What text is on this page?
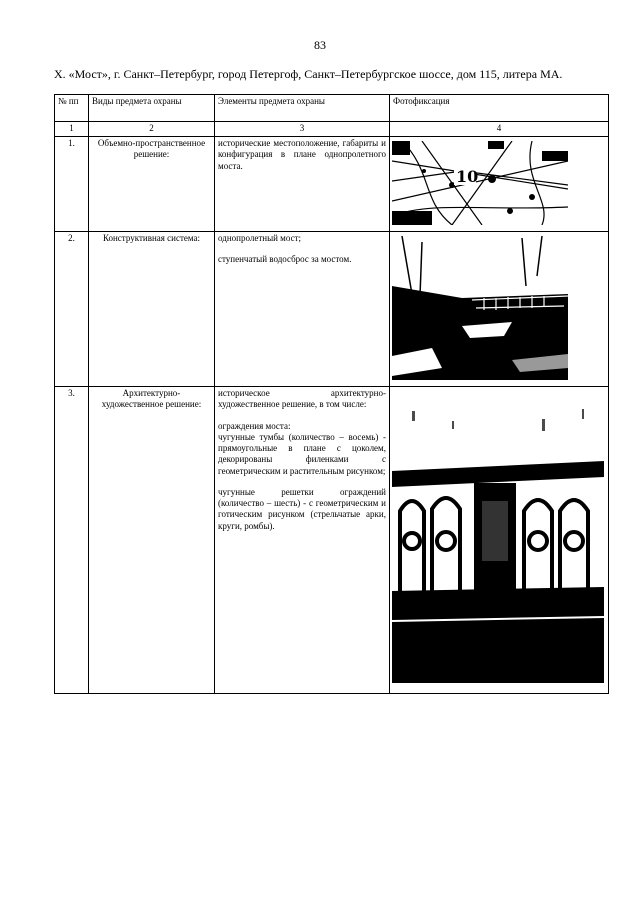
83
X. «Мост», г. Санкт–Петербург, город Петергоф, Санкт–Петербургское шоссе, дом 115, литера МА.
№ пп	Виды предмета охраны	Элементы предмета охраны	Фотофиксация
1	2	3	4
1.	Объемно-пространственное решение:	исторические местоположение, габариты и конфигурация в плане однопролетного моста.	10

2.	Конструктивная система:	однопролетный мост;
ступенчатый водосброс за мостом.

3.	Архитектурно-художественное решение:	историческое архитектурно-художественное решение, в том числе:
ограждения моста:
чугунные тумбы (количество – восемь) - прямоугольные в плане с цоколем, декорированы филенками с геометрическим и растительным рисунком;
чугунные решетки ограждений (количество – шесть) - с геометрическим и готическим рисунком (стрельчатые арки, круги, ромбы).
